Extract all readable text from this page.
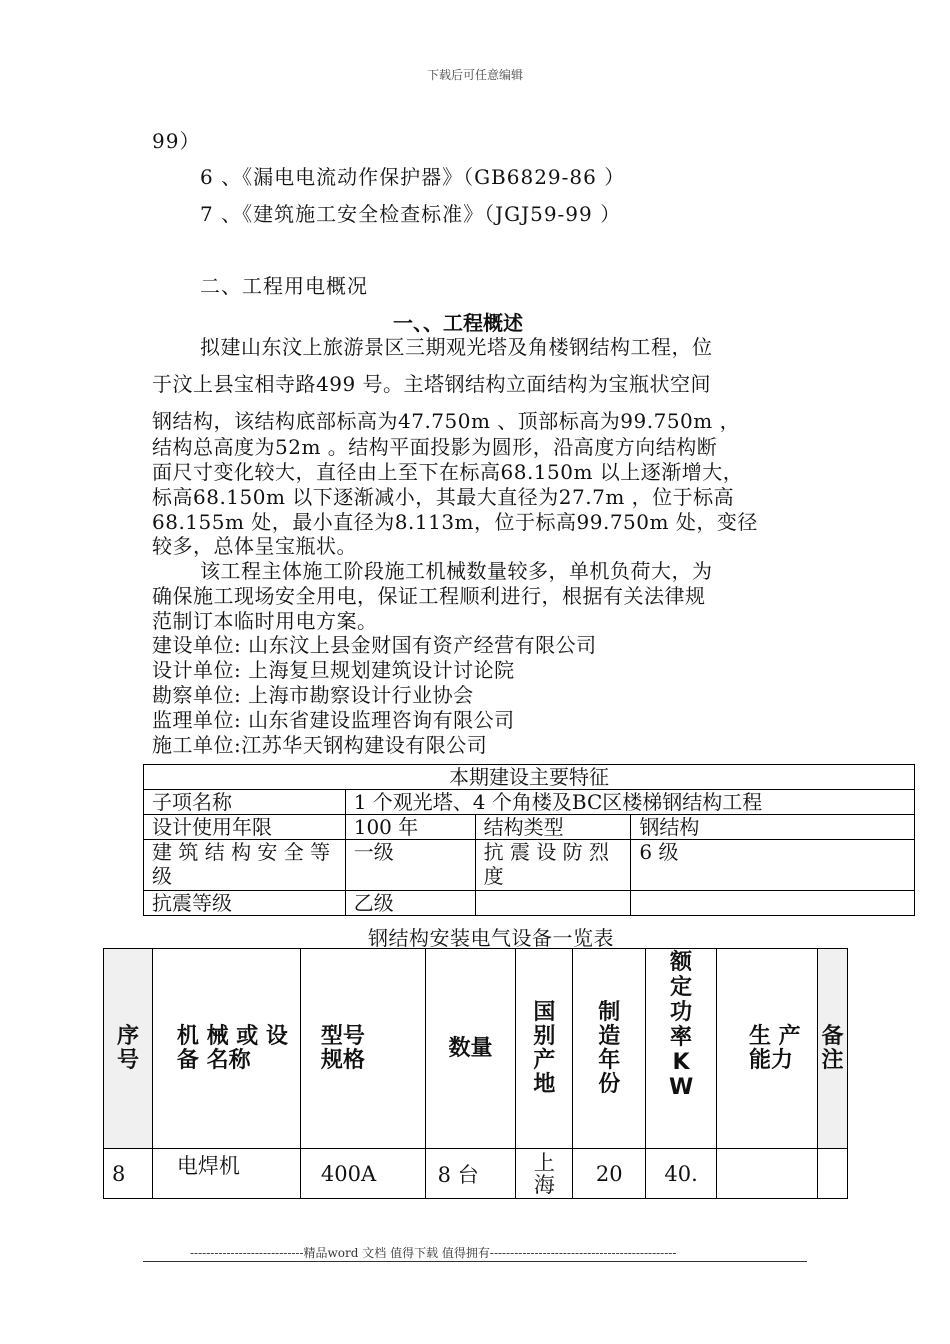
下载后可任意编辑
99）
6 、《漏电电流动作保护器》（GB6829-86 ）
7 、《建筑施工安全检查标准》（JGJ59-99 ）
二、工程用电概况
一、、工程概述
拟建山东汶上旅游景区三期观光塔及角楼钢结构工程，位
于汶上县宝相寺路499 号。主塔钢结构立面结构为宝瓶状空间
钢结构，该结构底部标高为47.750m 、顶部标高为99.750m ，
结构总高度为52m 。结构平面投影为圆形，沿高度方向结构断
面尺寸变化较大，直径由上至下在标高68.150m 以上逐渐增大，
标高68.150m 以下逐渐减小，其最大直径为27.7m ，位于标高
68.155m 处，最小直径为8.113m，位于标高99.750m 处，变径
较多，总体呈宝瓶状。
该工程主体施工阶段施工机械数量较多，单机负荷大，为
确保施工现场安全用电，保证工程顺利进行，根据有关法律规
范制订本临时用电方案。
建设单位: 山东汶上县金财国有资产经营有限公司
设计单位: 上海复旦规划建筑设计讨论院
勘察单位: 上海市勘察设计行业协会
监理单位: 山东省建设监理咨询有限公司
施工单位:江苏华天钢构建设有限公司
本期建设主要特征			
子项名称	1 个观光塔、4 个角楼及BC区楼梯钢结构工程		
设计使用年限	100 年	结构类型	钢结构
建 筑 结 构 安 全 等 级	一级	抗 震 设 防 烈 度	6 级
抗震等级	乙级		
钢结构安装电气设备一览表
序号	机 械 或 设 备 名称	型号 规格	数量	国别产地	制造年份	额定功率KW	生 产 能力	备注

8	电焊机	400A	8 台	上海	20	40.		
----------------------------精品word 文档 值得下载 值得拥有----------------------------------------------
